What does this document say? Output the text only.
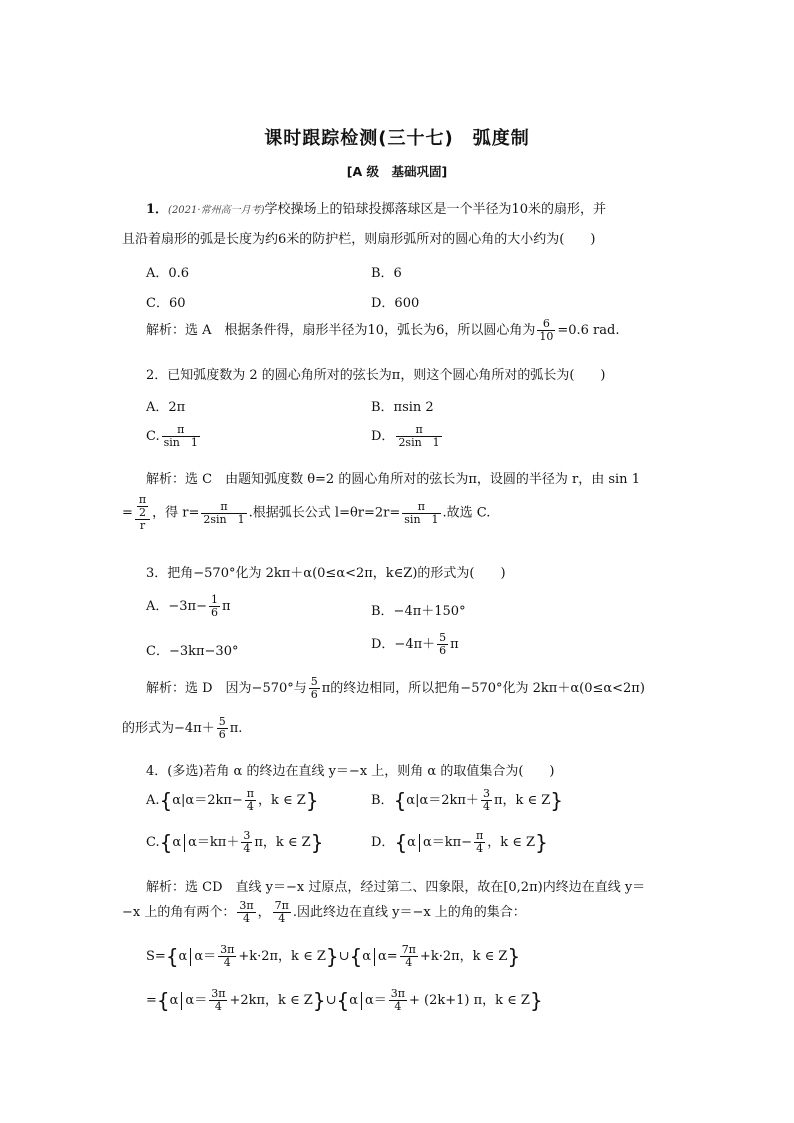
课时跟踪检测(三十七)　弧度制
[A 级　基础巩固]
1．(2021·常州高一月考)学校操场上的铅球投掷落球区是一个半径为10米的扇形，并
且沿着扇形的弧是长度为约6米的防护栏，则扇形弧所对的圆心角的大小约为(　　)
A．0.6	B．6
C．60	D．600
解析：选 A　根据条件得，扇形半径为10，弧长为6，所以圆心角为 $\frac{6}{10} =0.6$ rad.
2．已知弧度数为 2 的圆心角所对的弦长为π，则这个圆心角所对的弧长为(　　)
A．2π	B．πsin 2
C. $\frac{\pi}{\sin 1}$	D． $\frac{\pi}{2\sin 1}$
解析：选 C　由题知弧度数 θ=2 的圆心角所对的弦长为π，设圆的半径为 r，由 sin 1
= $\frac{\frac{\pi}{2}}{r}$ ，得 $r= \frac{\pi}{2\sin 1}$ .根据弧长公式 $l=\theta r=2r= \frac{\pi}{\sin 1}$ .故选 C.
3．把角−570°化为 2kπ＋α(0≤α<2π，k∈Z)的形式为(　　)
A．$-3\pi- \frac{1}{6}$ π	B．−4π＋150°
C．−3kπ−30°	D．$-4\pi+ \frac{5}{6}$ π
解析：选 D　因为−570°与 $\frac{5}{6}$ π的终边相同，所以把角−570°化为 2kπ＋α(0≤α<2π)
的形式为$-4\pi+ \frac{5}{6} \pi$.
4．(多选)若角 α 的终边在直线 y＝−x 上，则角 α 的取值集合为(　　)
$A.\{\alpha|\alpha=2k\pi- \frac{\pi}{4}$ ，k ∈ Z}	B．{$\alpha|\alpha=2k\pi+ \frac{3}{4}$ π，k ∈ Z}
C.{α $\alpha=k\pi+ \frac{3}{4}$ π，k ∈ Z}	D．{α $\alpha=k\pi- \frac{\pi}{4}$ ，k ∈ Z}
解析：选 CD　直线 y＝−x 过原点，经过第二、四象限，故在[0,2π)内终边在直线 y＝
−x 上的角有两个： $\frac{3\pi}{4}$ ， $\frac{7\pi}{4}$ .因此终边在直线 y＝−x 上的角的集合：
S={α $\alpha= \frac{3\pi}{4} +k\cdot 2\pi$，k ∈ Z}∪{α $\alpha= \frac{7\pi}{4} +k\cdot 2\pi$，k ∈ Z}
={α $\alpha= \frac{3\pi}{4} +2k\pi$，k ∈ Z}∪{α $\alpha= \frac{3\pi}{4} + (2k+1)$ π，k ∈ Z}
